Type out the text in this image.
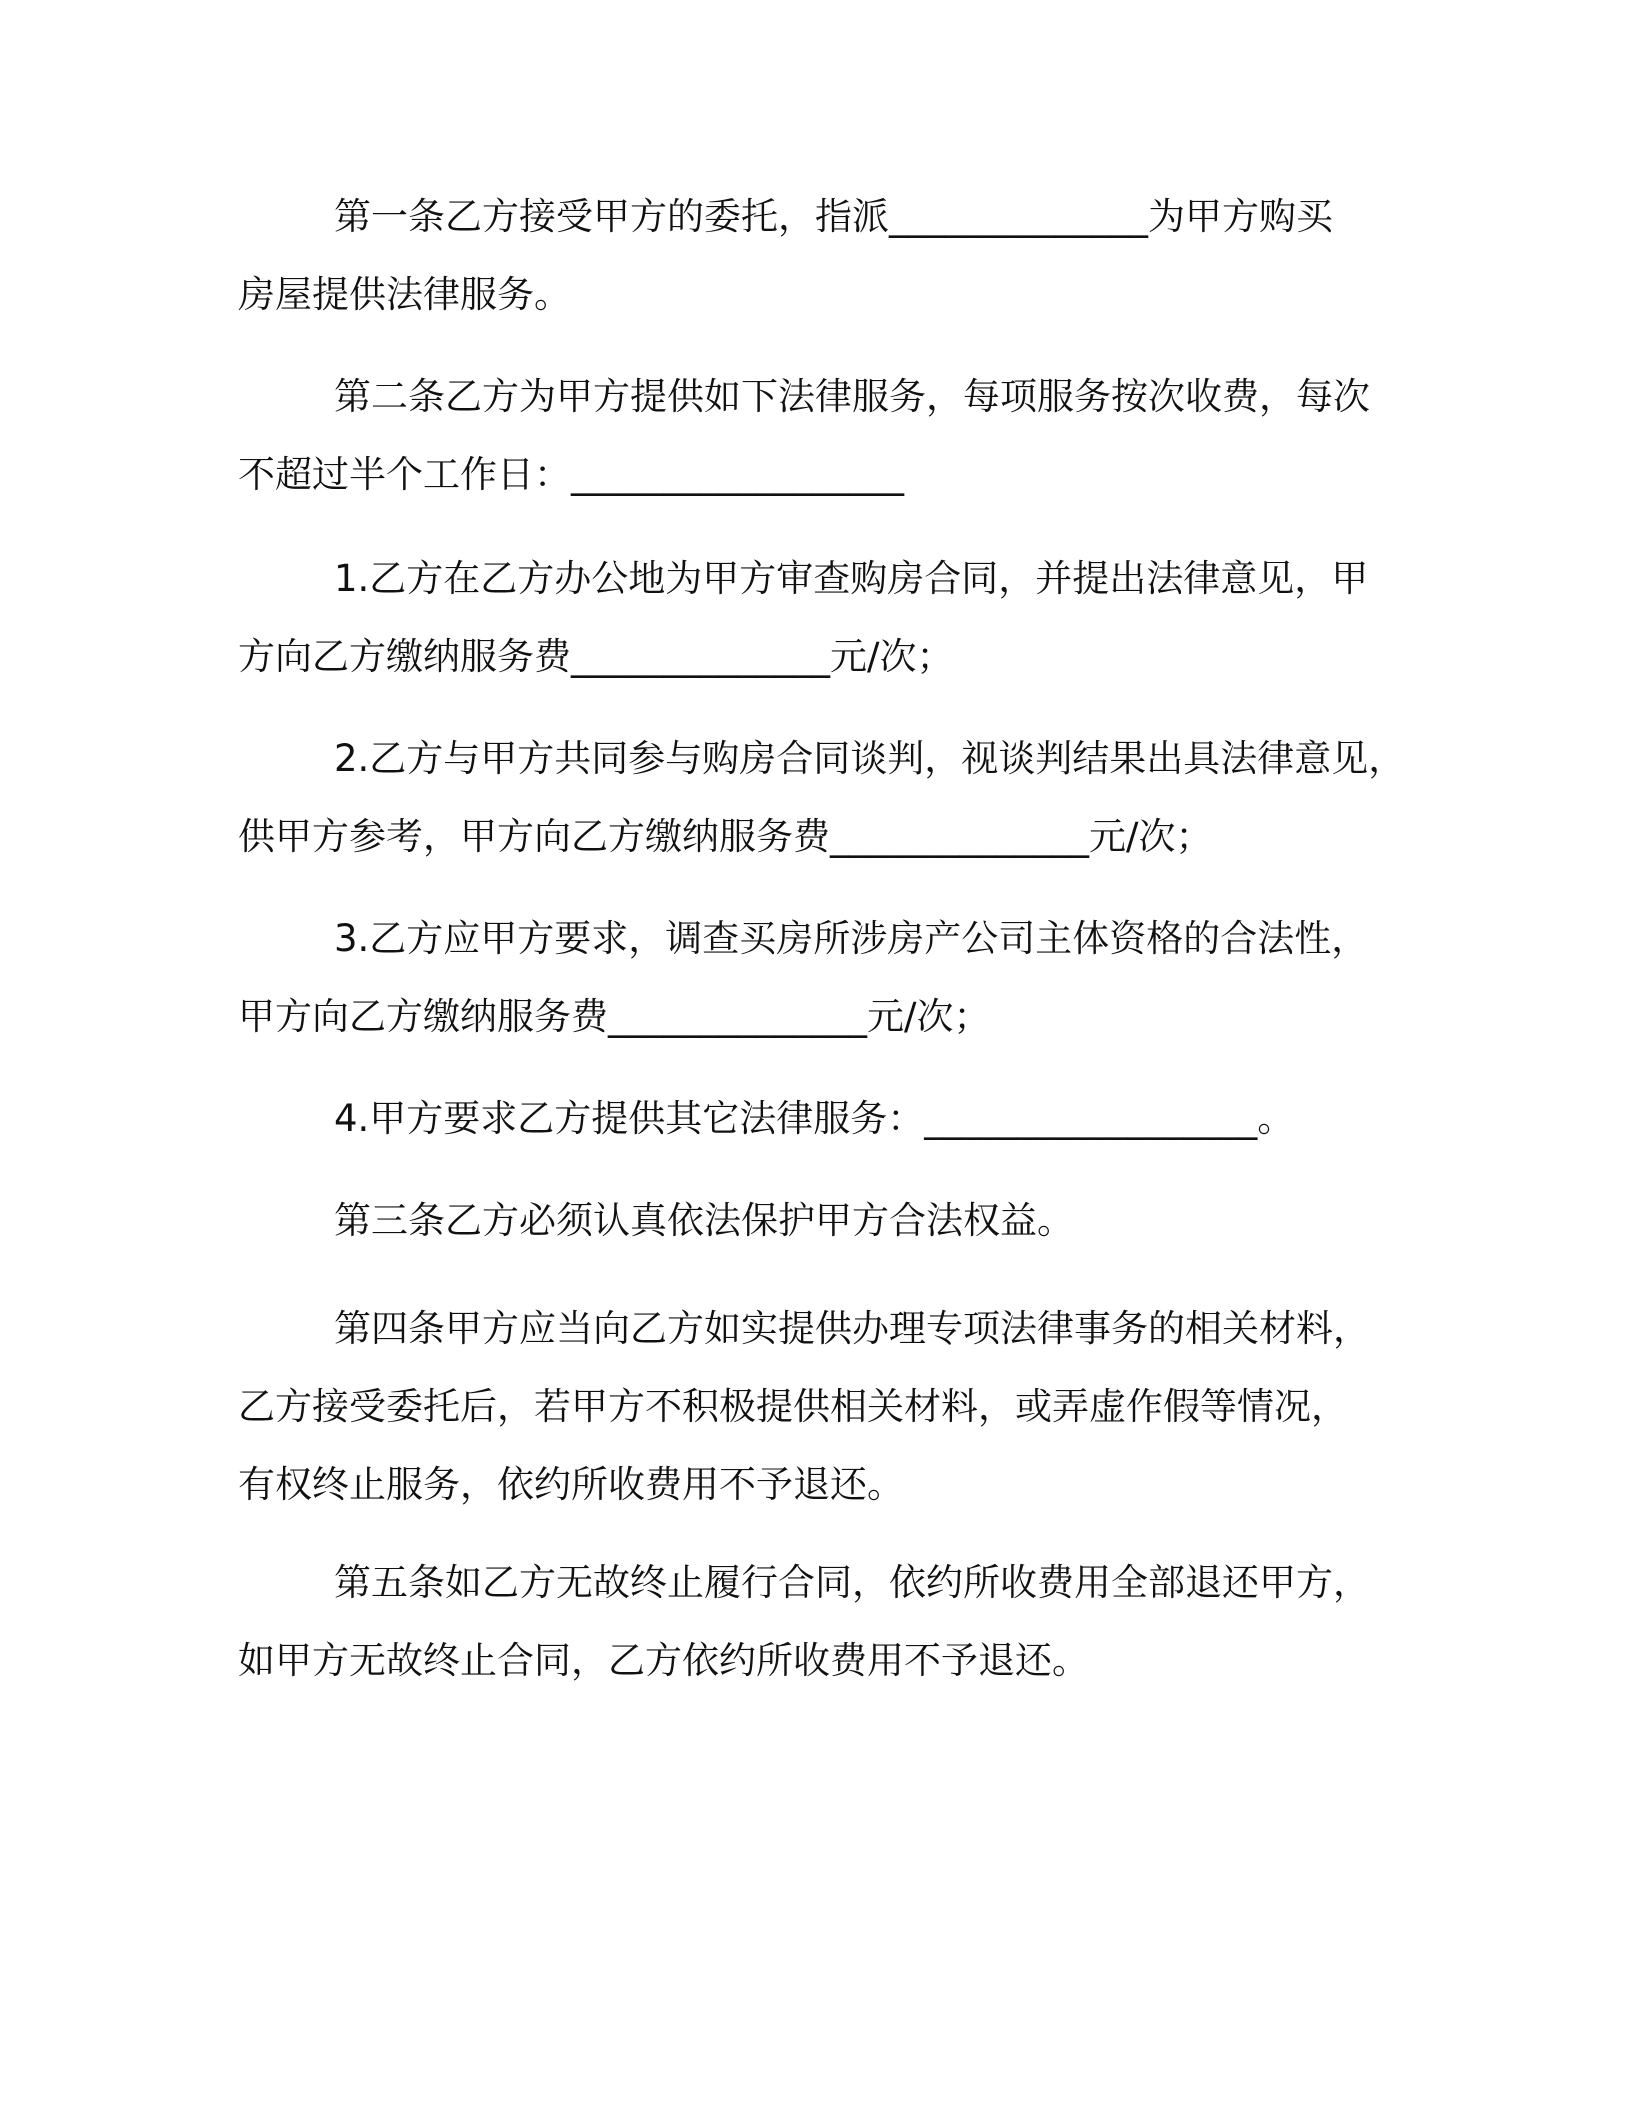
第一条乙方接受甲方的委托，指派______________为甲方购买
房屋提供法律服务。
第二条乙方为甲方提供如下法律服务，每项服务按次收费，每次
不超过半个工作日：__________________
1.乙方在乙方办公地为甲方审查购房合同，并提出法律意见，甲
方向乙方缴纳服务费______________元/次；
2.乙方与甲方共同参与购房合同谈判，视谈判结果出具法律意见，
供甲方参考，甲方向乙方缴纳服务费______________元/次；
3.乙方应甲方要求，调查买房所涉房产公司主体资格的合法性，
甲方向乙方缴纳服务费______________元/次；
4.甲方要求乙方提供其它法律服务：__________________。
第三条乙方必须认真依法保护甲方合法权益。
第四条甲方应当向乙方如实提供办理专项法律事务的相关材料，
乙方接受委托后，若甲方不积极提供相关材料，或弄虚作假等情况，
有权终止服务，依约所收费用不予退还。
第五条如乙方无故终止履行合同，依约所收费用全部退还甲方，
如甲方无故终止合同，乙方依约所收费用不予退还。
